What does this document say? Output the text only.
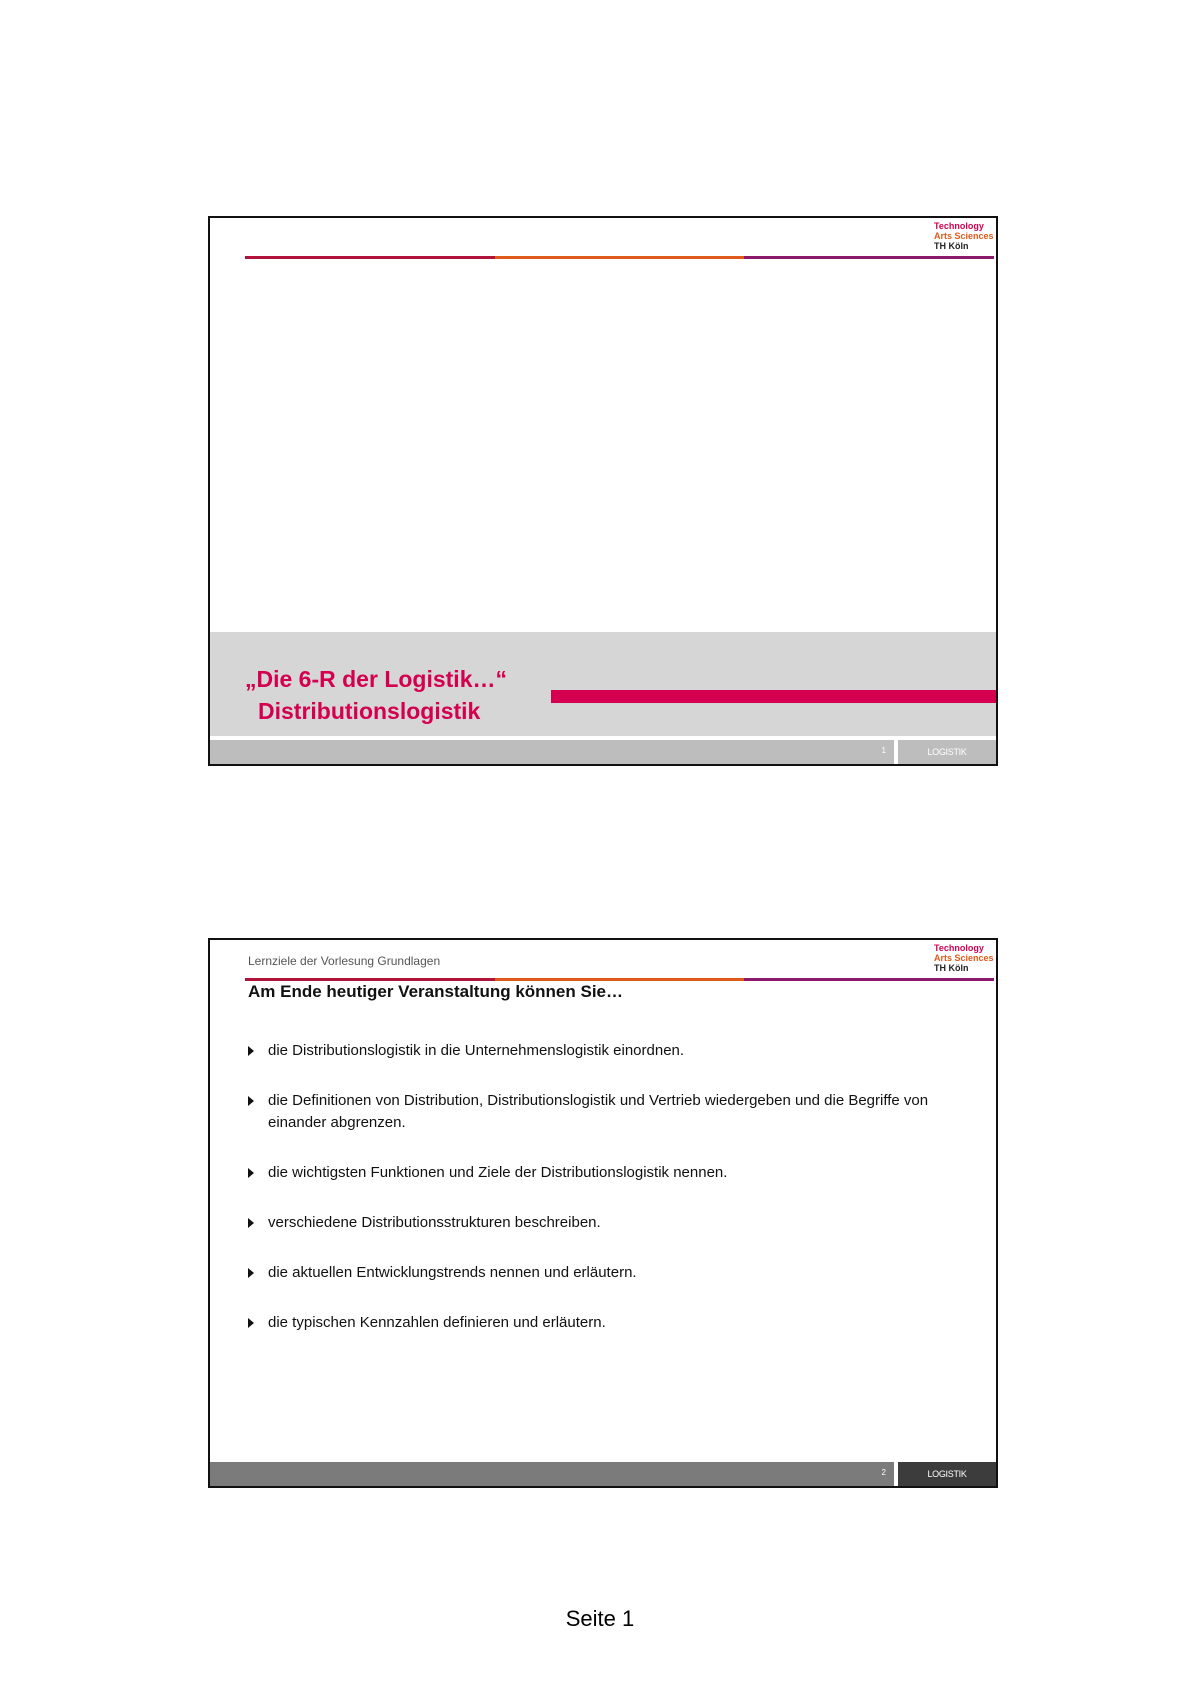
Technology
Arts Sciences
TH Köln
„Die 6-R der Logistik…“
Distributionslogistik
1	LOGISTIK
Technology
Arts Sciences
TH Köln

Lernziele der Vorlesung Grundlagen

Am Ende heutiger Veranstaltung können Sie…
die Distributionslogistik in die Unternehmenslogistik einordnen.
die Definitionen von Distribution, Distributionslogistik und Vertrieb wiedergeben und die Begriffe von einander abgrenzen.
die wichtigsten Funktionen und Ziele der Distributionslogistik nennen.
verschiedene Distributionsstrukturen beschreiben.
die aktuellen Entwicklungstrends nennen und erläutern.
die typischen Kennzahlen definieren und erläutern.
2	LOGISTIK
Seite 1
